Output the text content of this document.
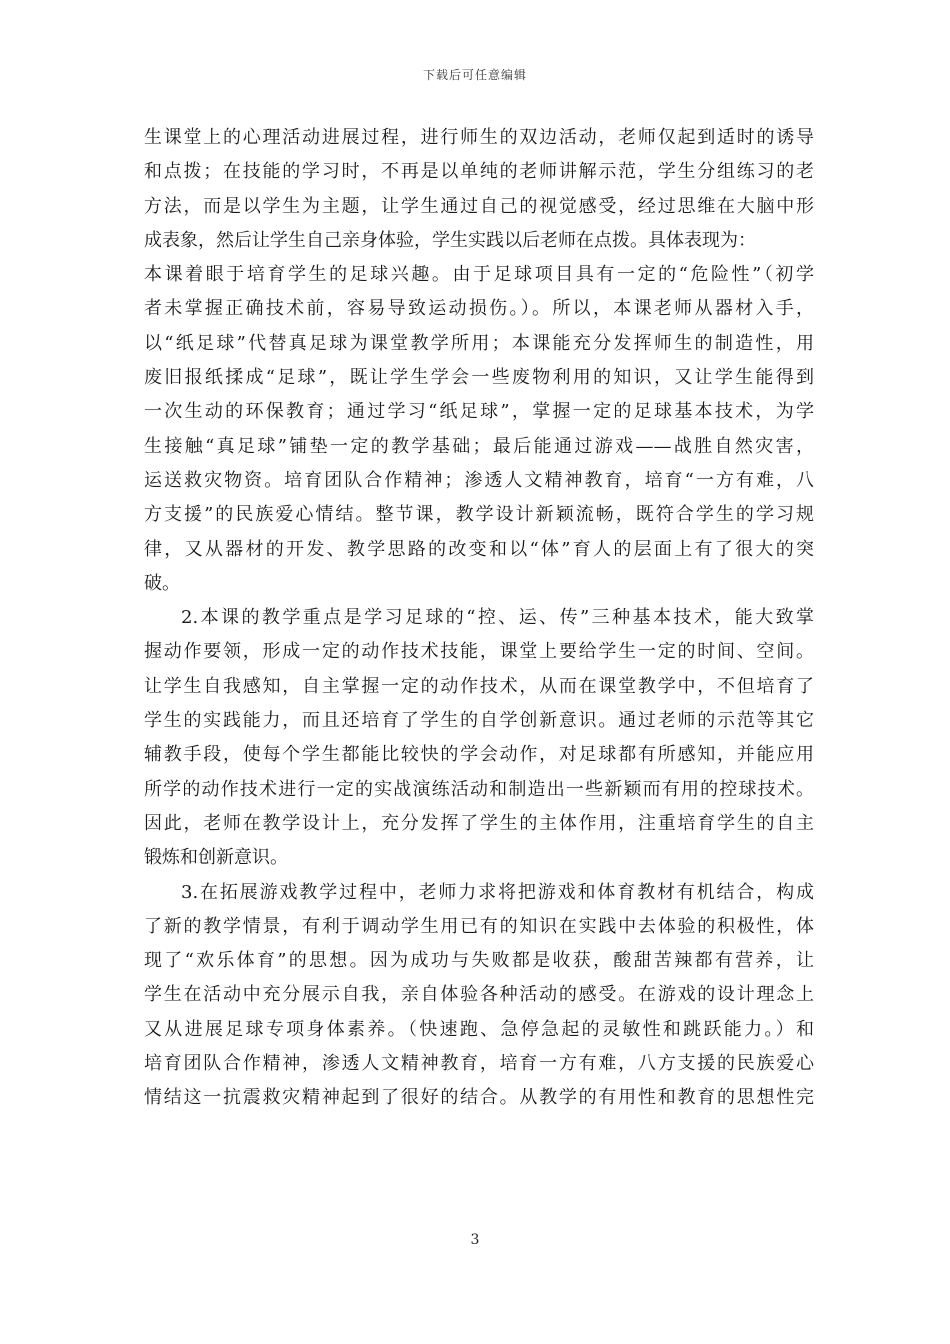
下载后可任意编辑
生课堂上的心理活动进展过程，进行师生的双边活动，老师仅起到适时的诱导
和点拨；在技能的学习时，不再是以单纯的老师讲解示范，学生分组练习的老
方法，而是以学生为主题，让学生通过自己的视觉感受，经过思维在大脑中形
成表象，然后让学生自己亲身体验，学生实践以后老师在点拨。具体表现为：
本课着眼于培育学生的足球兴趣。由于足球项目具有一定的“危险性”（初学
者未掌握正确技术前，容易导致运动损伤。）。所以，本课老师从器材入手，
以“纸足球”代替真足球为课堂教学所用；本课能充分发挥师生的制造性，用
废旧报纸揉成“足球”，既让学生学会一些废物利用的知识，又让学生能得到
一次生动的环保教育；通过学习“纸足球”，掌握一定的足球基本技术，为学
生接触“真足球”铺垫一定的教学基础；最后能通过游戏——战胜自然灾害，
运送救灾物资。培育团队合作精神；渗透人文精神教育，培育“一方有难，八
方支援”的民族爱心情结。整节课，教学设计新颖流畅，既符合学生的学习规
律，又从器材的开发、教学思路的改变和以“体”育人的层面上有了很大的突
破。
2.本课的教学重点是学习足球的“控、运、传”三种基本技术，能大致掌
握动作要领，形成一定的动作技术技能，课堂上要给学生一定的时间、空间。
让学生自我感知，自主掌握一定的动作技术，从而在课堂教学中，不但培育了
学生的实践能力，而且还培育了学生的自学创新意识。通过老师的示范等其它
辅教手段，使每个学生都能比较快的学会动作，对足球都有所感知，并能应用
所学的动作技术进行一定的实战演练活动和制造出一些新颖而有用的控球技术。
因此，老师在教学设计上，充分发挥了学生的主体作用，注重培育学生的自主
锻炼和创新意识。
3.在拓展游戏教学过程中，老师力求将把游戏和体育教材有机结合，构成
了新的教学情景，有利于调动学生用已有的知识在实践中去体验的积极性，体
现了“欢乐体育”的思想。因为成功与失败都是收获，酸甜苦辣都有营养，让
学生在活动中充分展示自我，亲自体验各种活动的感受。在游戏的设计理念上
又从进展足球专项身体素养。（快速跑、急停急起的灵敏性和跳跃能力。）和
培育团队合作精神，渗透人文精神教育，培育一方有难，八方支援的民族爱心
情结这一抗震救灾精神起到了很好的结合。从教学的有用性和教育的思想性完
3
